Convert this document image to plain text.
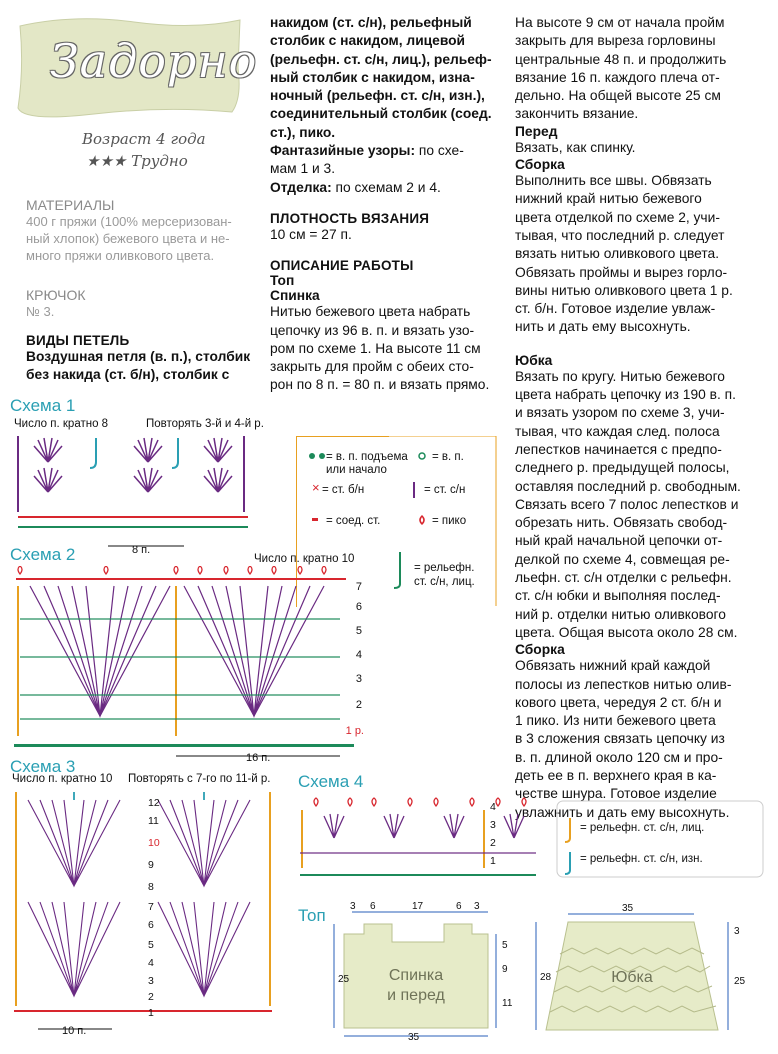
Задорно
Возраст 4 года
★★★ Трудно
МАТЕРИАЛЫ
400 г пряжи (100% мерсеризован-
ный хлопок) бежевого цвета и не-
много пряжи оливкового цвета.
КРЮЧОК
№ 3.
ВИДЫ ПЕТЕЛЬ
Воздушная петля (в. п.), столбик
без накида (ст. б/н), столбик с
накидом (ст. с/н), рельефный
столбик с накидом, лицевой
(рельефн. ст. с/н, лиц.), рельеф-
ный столбик с накидом, изна-
ночный (рельефн. ст. с/н, изн.),
соединительный столбик (соед.
ст.), пико.
Фантазийные узоры: по схе-
мам 1 и 3.
Отделка: по схемам 2 и 4.
ПЛОТНОСТЬ ВЯЗАНИЯ
10 см = 27 п.
ОПИСАНИЕ РАБОТЫ
Топ
Спинка
Нитью бежевого цвета набрать
цепочку из 96 в. п. и вязать узо-
ром по схеме 1. На высоте 11 см
закрыть для пройм с обеих сто-
рон по 8 п. = 80 п. и вязать прямо.
На высоте 9 см от начала пройм
закрыть для выреза горловины
центральные 48 п. и продолжить
вязание 16 п. каждого плеча от-
дельно. На общей высоте 25 см
закончить вязание.
Перед
Вязать, как спинку.
Сборка
Выполнить все швы. Обвязать
нижний край нитью бежевого
цвета отделкой по схеме 2, учи-
тывая, что последний р. следует
вязать нитью оливкового цвета.
Обвязать проймы и вырез горло-
вины нитью оливкового цвета 1 р.
ст. б/н. Готовое изделие увлаж-
нить и дать ему высохнуть.
Юбка
Вязать по кругу. Нитью бежевого
цвета набрать цепочку из 190 в. п.
и вязать узором по схеме 3, учи-
тывая, что каждая след. полоса
лепестков начинается с предпо-
следнего р. предыдущей полосы,
оставляя последний р. свободным.
Связать всего 7 полос лепестков и
обрезать нить. Обвязать свобод-
ный край начальной цепочки от-
делкой по схеме 4, совмещая ре-
льефн. ст. с/н отделки с рельефн.
ст. с/н юбки и выполняя послед-
ний р. отделки нитью оливкового
цвета. Общая высота около 28 см.
Сборка
Обвязать нижний край каждой
полосы из лепестков нитью олив-
кового цвета, чередуя 2 ст. б/н и
1 пико. Из нити бежевого цвета
в 3 сложения связать цепочку из
в. п. длиной около 120 см и про-
деть ее в п. верхнего края в ка-
честве шнура. Готовое изделие
увлажнить и дать ему высохнуть.
Схема 1
Число п. кратно 8	Повторять 3-й и 4-й р.
8 п.
×
= в. п. подъема
или начало
= в. п.
= ст. б/н	= ст. с/н
= соед. ст.	= пико
= рельефн.
ст. с/н, лиц.
Схема 2	Число п. кратно 10
7
6
5
4
3
2
1 р.
16 п.
Схема 3
Число п. кратно 10 Повторять с 7-го по 11-й р.
12
11
10
9
8
7
6
5
4
3
2
1
10 п.
Схема 4
4
3
2
1
= рельефн. ст. с/н, лиц.
= рельефн. ст. с/н, изн.
Топ 3 6	17	6 3
35
5
9
11
25 Спинка
и перед
35
28
3
25
Юбка
